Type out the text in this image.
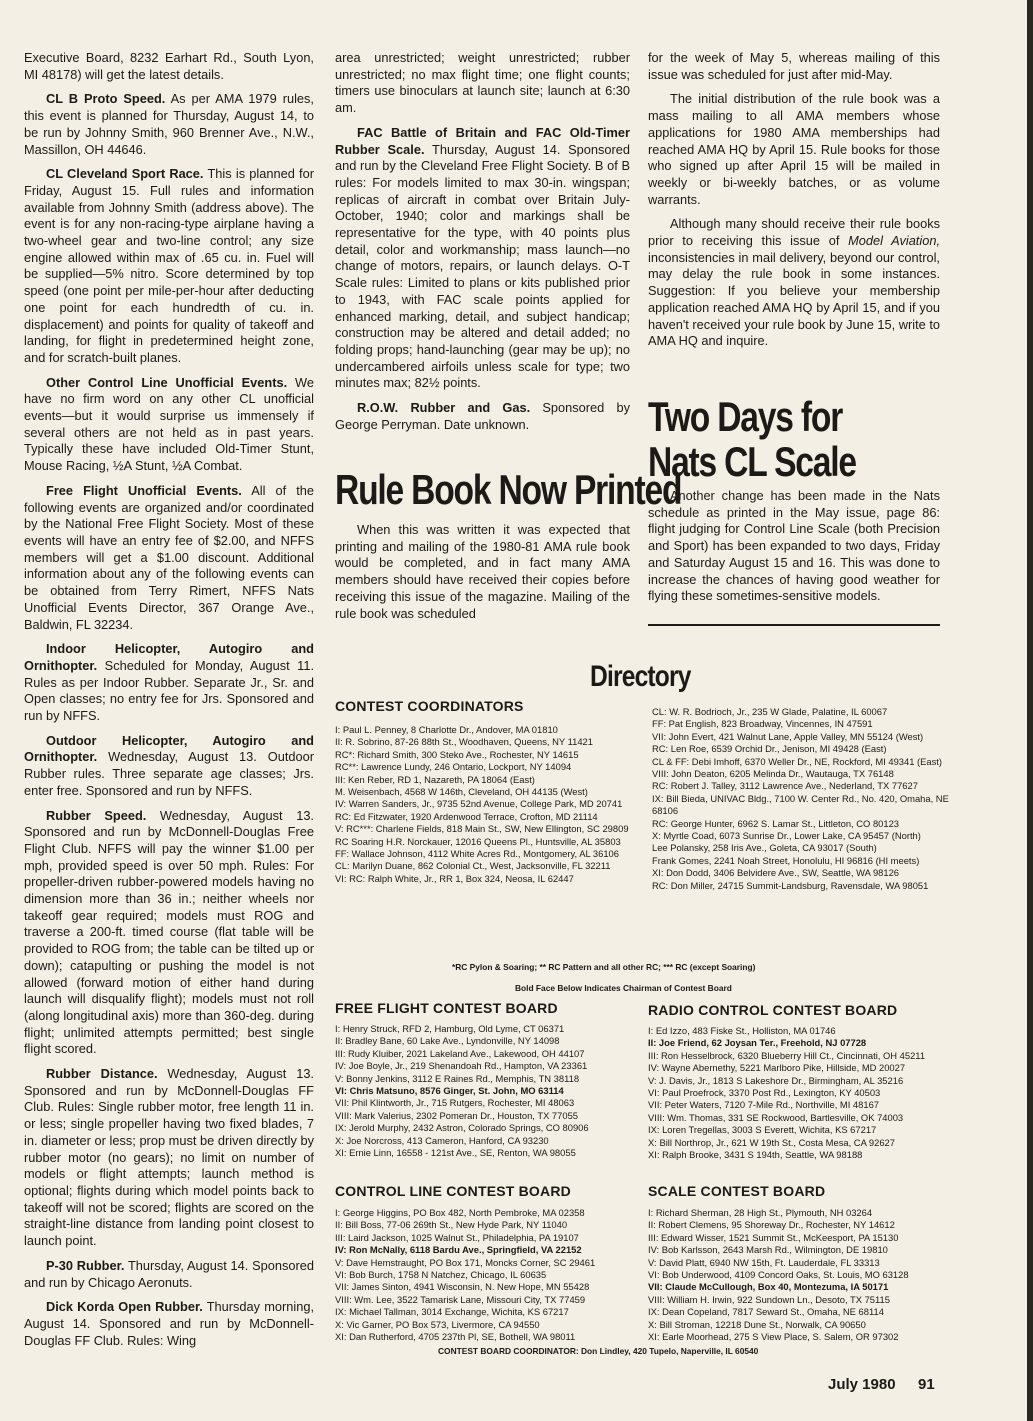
Executive Board, 8232 Earhart Rd., South Lyon, MI 48178) will get the latest details.

CL B Proto Speed. As per AMA 1979 rules, this event is planned for Thursday, August 14, to be run by Johnny Smith, 960 Brenner Ave., N.W., Massillon, OH 44646.

CL Cleveland Sport Race. This is planned for Friday, August 15. Full rules and information available from Johnny Smith (address above). The event is for any non-racing-type airplane having a two-wheel gear and two-line control; any size engine allowed within max of .65 cu. in. Fuel will be supplied—5% nitro. Score determined by top speed (one point per mile-per-hour after deducting one point for each hundredth of cu. in. displacement) and points for quality of takeoff and landing, for flight in predetermined height zone, and for scratch-built planes.

Other Control Line Unofficial Events. We have no firm word on any other CL unofficial events—but it would surprise us immensely if several others are not held as in past years. Typically these have included Old-Timer Stunt, Mouse Racing, ½A Stunt, ½A Combat.

Free Flight Unofficial Events. All of the following events are organized and/or coordinated by the National Free Flight Society. Most of these events will have an entry fee of $2.00, and NFFS members will get a $1.00 discount. Additional information about any of the following events can be obtained from Terry Rimert, NFFS Nats Unofficial Events Director, 367 Orange Ave., Baldwin, FL 32234.

Indoor Helicopter, Autogiro and Ornithopter. Scheduled for Monday, August 11. Rules as per Indoor Rubber. Separate Jr., Sr. and Open classes; no entry fee for Jrs. Sponsored and run by NFFS.

Outdoor Helicopter, Autogiro and Ornithopter. Wednesday, August 13. Outdoor Rubber rules. Three separate age classes; Jrs. enter free. Sponsored and run by NFFS.

Rubber Speed. Wednesday, August 13. Sponsored and run by McDonnell-Douglas Free Flight Club. NFFS will pay the winner $1.00 per mph, provided speed is over 50 mph. Rules: For propeller-driven rubber-powered models having no dimension more than 36 in.; neither wheels nor takeoff gear required; models must ROG and traverse a 200-ft. timed course (flat table will be provided to ROG from; the table can be tilted up or down); catapulting or pushing the model is not allowed (forward motion of either hand during launch will disqualify flight); models must not roll (along longitudinal axis) more than 360-deg. during flight; unlimited attempts permitted; best single flight scored.

Rubber Distance. Wednesday, August 13. Sponsored and run by McDonnell-Douglas FF Club. Rules: Single rubber motor, free length 11 in. or less; single propeller having two fixed blades, 7 in. diameter or less; prop must be driven directly by rubber motor (no gears); no limit on number of models or flight attempts; launch method is optional; flights during which model points back to takeoff will not be scored; flights are scored on the straight-line distance from landing point closest to launch point.

P-30 Rubber. Thursday, August 14. Sponsored and run by Chicago Aeronuts.

Dick Korda Open Rubber. Thursday morning, August 14. Sponsored and run by McDonnell-Douglas FF Club. Rules: Wing

area unrestricted; weight unrestricted; rubber unrestricted; no max flight time; one flight counts; timers use binoculars at launch site; launch at 6:30 am.

FAC Battle of Britain and FAC Old-Timer Rubber Scale. Thursday, August 14. Sponsored and run by the Cleveland Free Flight Society. B of B rules: For models limited to max 30-in. wingspan; replicas of aircraft in combat over Britain July-October, 1940; color and markings shall be representative for the type, with 40 points plus detail, color and workmanship; mass launch—no change of motors, repairs, or launch delays. O-T Scale rules: Limited to plans or kits published prior to 1943, with FAC scale points applied for enhanced marking, detail, and subject handicap; construction may be altered and detail added; no folding props; hand-launching (gear may be up); no undercambered airfoils unless scale for type; two minutes max; 82½ points.

R.O.W. Rubber and Gas. Sponsored by George Perryman. Date unknown.

Rule Book Now Printed

When this was written it was expected that printing and mailing of the 1980-81 AMA rule book would be completed, and in fact many AMA members should have received their copies before receiving this issue of the magazine. Mailing of the rule book was scheduled

for the week of May 5, whereas mailing of this issue was scheduled for just after mid-May.

The initial distribution of the rule book was a mass mailing to all AMA members whose applications for 1980 AMA memberships had reached AMA HQ by April 15. Rule books for those who signed up after April 15 will be mailed in weekly or bi-weekly batches, or as volume warrants.

Although many should receive their rule books prior to receiving this issue of Model Aviation, inconsistencies in mail delivery, beyond our control, may delay the rule book in some instances. Suggestion: If you believe your membership application reached AMA HQ by April 15, and if you haven't received your rule book by June 15, write to AMA HQ and inquire.

Two Days for
Nats CL Scale

Another change has been made in the Nats schedule as printed in the May issue, page 86: flight judging for Control Line Scale (both Precision and Sport) has been expanded to two days, Friday and Saturday August 15 and 16. This was done to increase the chances of having good weather for flying these sometimes-sensitive models.

Directory
CONTEST COORDINATORS
I: Paul L. Penney, 8 Charlotte Dr., Andover, MA 01810
II: R. Sobrino, 87-26 88th St., Woodhaven, Queens, NY 11421
RC*: Richard Smith, 300 Steko Ave., Rochester, NY 14615
RC**: Lawrence Lundy, 246 Ontario, Lockport, NY 14094
III: Ken Reber, RD 1, Nazareth, PA 18064 (East)
M. Weisenbach, 4568 W 146th, Cleveland, OH 44135 (West)
IV: Warren Sanders, Jr., 9735 52nd Avenue, College Park, MD 20741
RC: Ed Fitzwater, 1920 Ardenwood Terrace, Crofton, MD 21114
V: RC***: Charlene Fields, 818 Main St., SW, New Ellington, SC 29809
RC Soaring H.R. Norckauer, 12016 Queens Pl., Huntsville, AL 35803
FF: Wallace Johnson, 4112 White Acres Rd., Montgomery, AL 36106
CL: Marilyn Duane, 862 Colonial Ct., West, Jacksonville, FL 32211
VI: RC: Ralph White, Jr., RR 1, Box 324, Neosa, IL 62447
CL: W. R. Bodrioch, Jr., 235 W Glade, Palatine, IL 60067
FF: Pat English, 823 Broadway, Vincennes, IN 47591
VII: John Evert, 421 Walnut Lane, Apple Valley, MN 55124 (West)
RC: Len Roe, 6539 Orchid Dr., Jenison, MI 49428 (East)
CL & FF: Debi Imhoff, 6370 Weller Dr., NE, Rockford, MI 49341 (East)
VIII: John Deaton, 6205 Melinda Dr., Wautauga, TX 76148
RC: Robert J. Talley, 3112 Lawrence Ave., Nederland, TX 77627
IX: Bill Bieda, UNIVAC Bldg., 7100 W. Center Rd., No. 420, Omaha, NE 68106
RC: George Hunter, 6962 S. Lamar St., Littleton, CO 80123
X: Myrtle Coad, 6073 Sunrise Dr., Lower Lake, CA 95457 (North)
Lee Polansky, 258 Iris Ave., Goleta, CA 93017 (South)
Frank Gomes, 2241 Noah Street, Honolulu, HI 96816 (HI meets)
XI: Don Dodd, 3406 Belvidere Ave., SW, Seattle, WA 98126
RC: Don Miller, 24715 Summit-Landsburg, Ravensdale, WA 98051

*RC Pylon & Soaring; ** RC Pattern and all other RC; *** RC (except Soaring)

Bold Face Below Indicates Chairman of Contest Board

FREE FLIGHT CONTEST BOARD
I: Henry Struck, RFD 2, Hamburg, Old Lyme, CT 06371
II: Bradley Bane, 60 Lake Ave., Lyndonville, NY 14098
III: Rudy Kluiber, 2021 Lakeland Ave., Lakewood, OH 44107
IV: Joe Boyle, Jr., 219 Shenandoah Rd., Hampton, VA 23361
V: Bonny Jenkins, 3112 E Raines Rd., Memphis, TN 38118
VI: Chris Matsuno, 8576 Ginger, St. John, MO 63114
VII: Phil Klintworth, Jr., 715 Rutgers, Rochester, MI 48063
VIII: Mark Valerius, 2302 Pomeran Dr., Houston, TX 77055
IX: Jerold Murphy, 2432 Astron, Colorado Springs, CO 80906
X: Joe Norcross, 413 Cameron, Hanford, CA 93230
XI: Ernie Linn, 16558 - 121st Ave., SE, Renton, WA 98055
RADIO CONTROL CONTEST BOARD
I: Ed Izzo, 483 Fiske St., Holliston, MA 01746
II: Joe Friend, 62 Joysan Ter., Freehold, NJ 07728
III: Ron Hesselbrock, 6320 Blueberry Hill Ct., Cincinnati, OH 45211
IV: Wayne Abernethy, 5221 Marlboro Pike, Hillside, MD 20027
V: J. Davis, Jr., 1813 S Lakeshore Dr., Birmingham, AL 35216
VI: Paul Proefrock, 3370 Post Rd., Lexington, KY 40503
VII: Peter Waters, 7120 7-Mile Rd., Northville, MI 48167
VIII: Wm. Thomas, 331 SE Rockwood, Bartlesville, OK 74003
IX: Loren Tregellas, 3003 S Everett, Wichita, KS 67217
X: Bill Northrop, Jr., 621 W 19th St., Costa Mesa, CA 92627
XI: Ralph Brooke, 3431 S 194th, Seattle, WA 98188
CONTROL LINE CONTEST BOARD
I: George Higgins, PO Box 482, North Pembroke, MA 02358
II: Bill Boss, 77-06 269th St., New Hyde Park, NY 11040
III: Laird Jackson, 1025 Walnut St., Philadelphia, PA 19107
IV: Ron McNally, 6118 Bardu Ave., Springfield, VA 22152
V: Dave Hemstraught, PO Box 171, Moncks Corner, SC 29461
VI: Bob Burch, 1758 N Natchez, Chicago, IL 60635
VII: James Sinton, 4941 Wisconsin, N. New Hope, MN 55428
VIII: Wm. Lee, 3522 Tamarisk Lane, Missouri City, TX 77459
IX: Michael Tallman, 3014 Exchange, Wichita, KS 67217
X: Vic Garner, PO Box 573, Livermore, CA 94550
XI: Dan Rutherford, 4705 237th Pl, SE, Bothell, WA 98011
SCALE CONTEST BOARD
I: Richard Sherman, 28 High St., Plymouth, NH 03264
II: Robert Clemens, 95 Shoreway Dr., Rochester, NY 14612
III: Edward Wisser, 1521 Summit St., McKeesport, PA 15130
IV: Bob Karlsson, 2643 Marsh Rd., Wilmington, DE 19810
V: David Platt, 6940 NW 15th, Ft. Lauderdale, FL 33313
VI: Bob Underwood, 4109 Concord Oaks, St. Louis, MO 63128
VII: Claude McCullough, Box 40, Montezuma, IA 50171
VIII: William H. Irwin, 922 Sundown Ln., Desoto, TX 75115
IX: Dean Copeland, 7817 Seward St., Omaha, NE 68114
X: Bill Stroman, 12218 Dune St., Norwalk, CA 90650
XI: Earle Moorhead, 275 S View Place, S. Salem, OR 97302

CONTEST BOARD COORDINATOR: Don Lindley, 420 Tupelo, Naperville, IL 60540

July 1980 91
